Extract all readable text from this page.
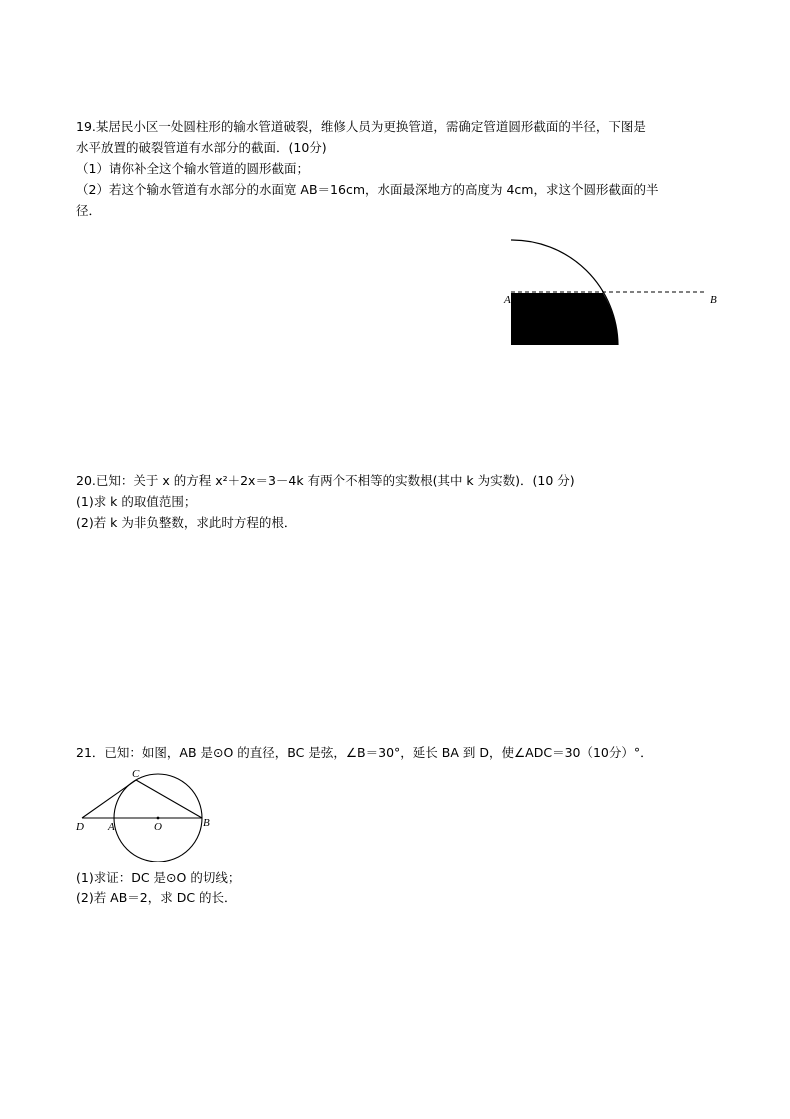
19.某居民小区一处圆柱形的输水管道破裂，维修人员为更换管道，需确定管道圆形截面的半径，下图是

水平放置的破裂管道有水部分的截面．(10分)

（1）请你补全这个输水管道的圆形截面；

（2）若这个输水管道有水部分的水面宽 AB＝16cm，水面最深地方的高度为 4cm，求这个圆形截面的半

径．

A	B

20.已知：关于 x 的方程 x²＋2x＝3－4k 有两个不相等的实数根(其中 k 为实数)．(10 分)

(1)求 k 的取值范围；

(2)若 k 为非负整数，求此时方程的根．

21．已知：如图，AB 是⊙O 的直径，BC 是弦，∠B＝30°，延长 BA 到 D，使∠ADC＝30（10分）°．

C
D A	O	B

(1)求证：DC 是⊙O 的切线；

(2)若 AB＝2，求 DC 的长．
